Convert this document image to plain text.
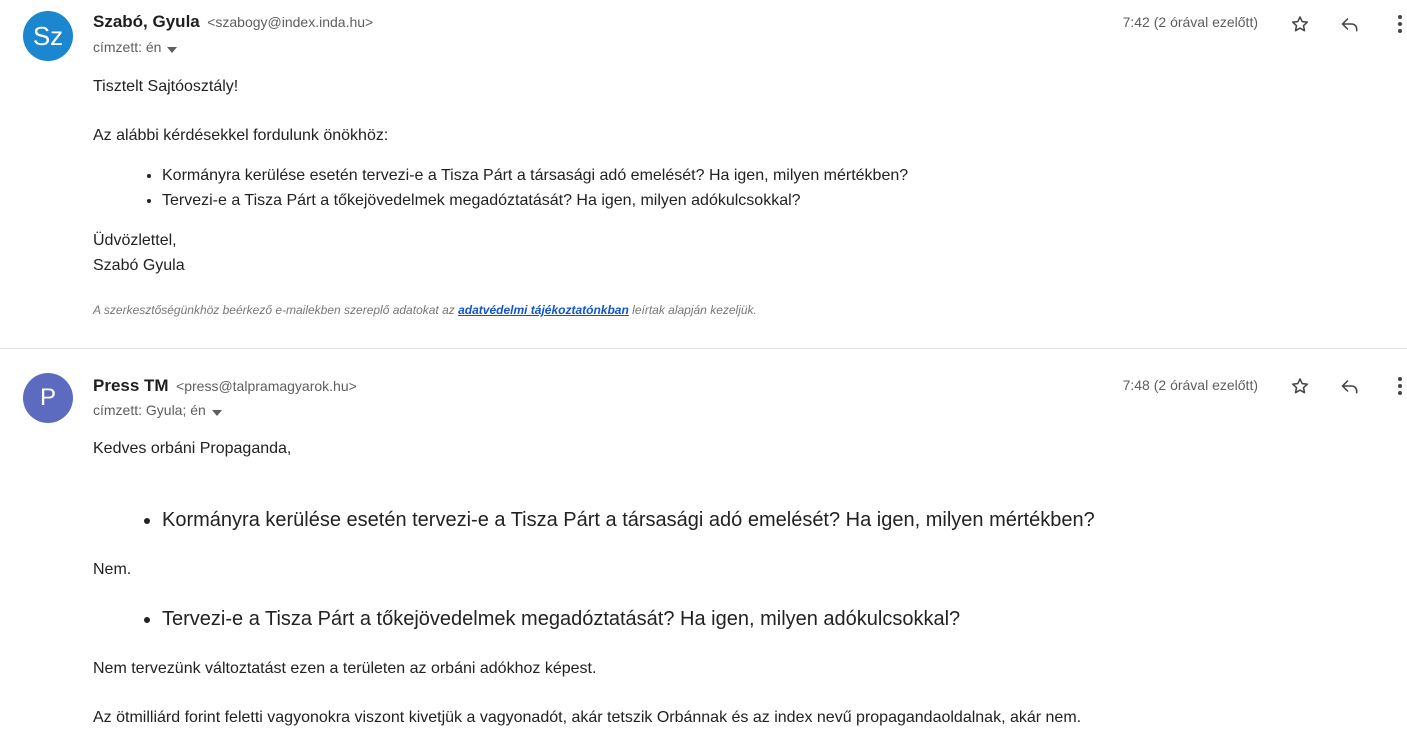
Sz	Szabó, Gyula <szabogy@index.inda.hu>
címzett: én
7:42 (2 órával ezelőtt)

Tisztelt Sajtóosztály!

Az alábbi kérdésekkel fordulunk önökhöz:

• Kormányra kerülése esetén tervezi-e a Tisza Párt a társasági adó emelését? Ha igen, milyen mértékben?
• Tervezi-e a Tisza Párt a tőkejövedelmek megadóztatását? Ha igen, milyen adókulcsokkal?

Üdvözlettel,

Szabó Gyula

A szerkesztőségünkhöz beérkező e-mailekben szereplő adatokat az adatvédelmi tájékoztatónkban leírtak alapján kezeljük.

P	Press TM <press@talpramagyarok.hu>
címzett: Gyula; én
7:48 (2 órával ezelőtt)

Kedves orbáni Propaganda,

• Kormányra kerülése esetén tervezi-e a Tisza Párt a társasági adó emelését? Ha igen, milyen mértékben?

Nem.

• Tervezi-e a Tisza Párt a tőkejövedelmek megadóztatását? Ha igen, milyen adókulcsokkal?

Nem tervezünk változtatást ezen a területen az orbáni adókhoz képest.

Az ötmilliárd forint feletti vagyonokra viszont kivetjük a vagyonadót, akár tetszik Orbánnak és az index nevű propagandaoldalnak, akár nem.
